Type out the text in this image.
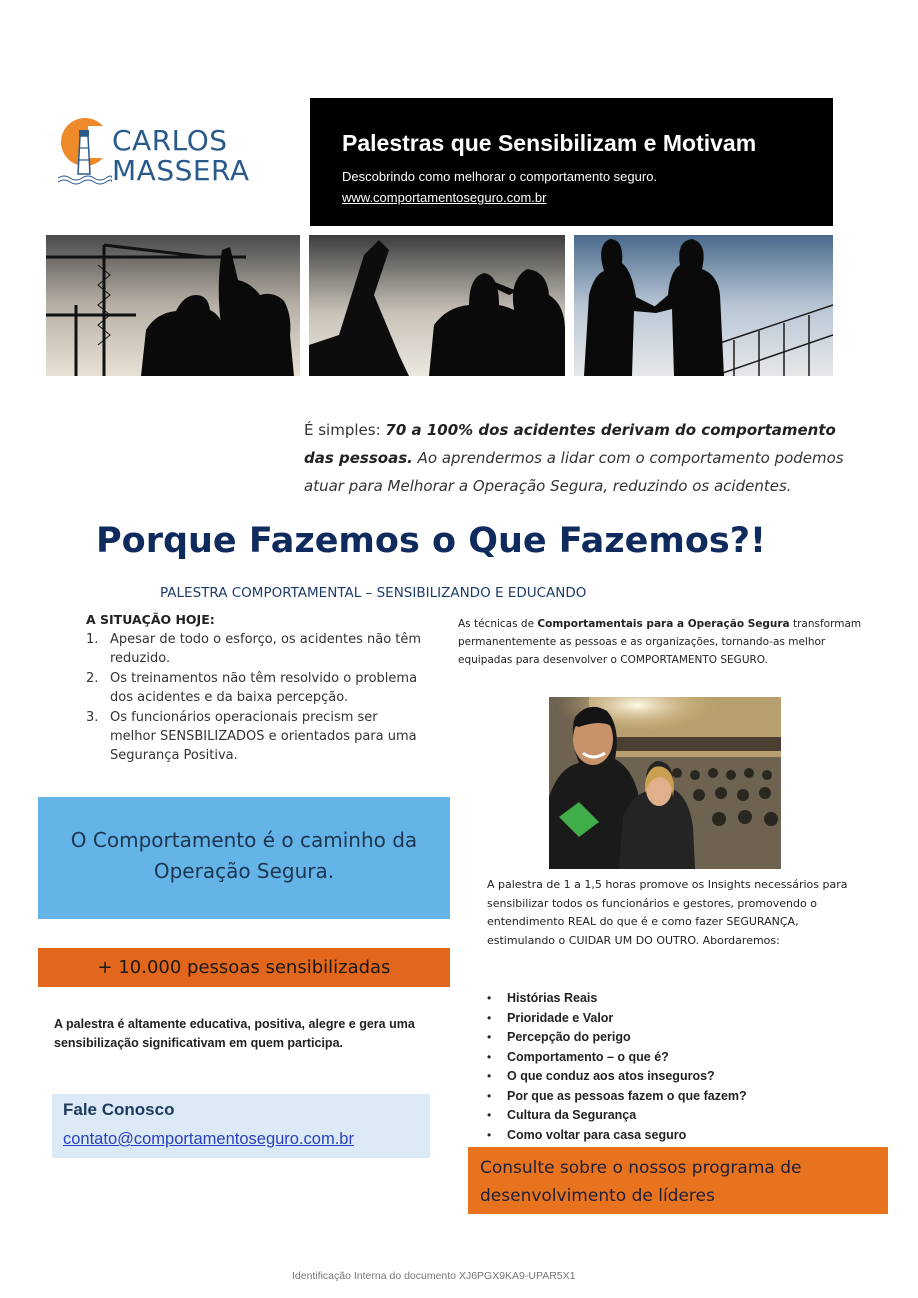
CARLOS
MASSERA
Palestras que Sensibilizam e Motivam
Descobrindo como melhorar o comportamento seguro.
www.comportamentoseguro.com.br
É simples: 70 a 100% dos acidentes derivam do comportamento das pessoas. Ao aprendermos a lidar com o comportamento podemos atuar para Melhorar a Operação Segura, reduzindo os acidentes.
Porque Fazemos o Que Fazemos?!
PALESTRA COMPORTAMENTAL – SENSIBILIZANDO E EDUCANDO
A SITUAÇÃO HOJE:
1. Apesar de todo o esforço, os acidentes não têm reduzido.
2. Os treinamentos não têm resolvido o problema dos acidentes e da baixa percepção.
3. Os funcionários operacionais precism ser melhor SENSBILIZADOS e orientados para uma Segurança Positiva.
O Comportamento é o caminho da
Operação Segura.
+ 10.000 pessoas sensibilizadas
A palestra é altamente educativa, positiva, alegre e gera uma sensibilização significativam em quem participa.
Fale Conosco
contato@comportamentoseguro.com.br
As técnicas de Comportamentais para a Operação Segura transformam permanentemente as pessoas e as organizações, tornando-as melhor equipadas para desenvolver o COMPORTAMENTO SEGURO.
A palestra de 1 a 1,5 horas promove os Insights necessários para sensibilizar todos os funcionários e gestores, promovendo o entendimento REAL do que é e como fazer SEGURANÇA, estimulando o CUIDAR UM DO OUTRO. Abordaremos:
• Histórias Reais
• Prioridade e Valor
• Percepção do perigo
• Comportamento – o que é?
• O que conduz aos atos inseguros?
• Por que as pessoas fazem o que fazem?
• Cultura da Segurança
• Como voltar para casa seguro
Consulte sobre o nossos programa de
desenvolvimento de líderes
Identificação Interna do documento XJ6PGX9KA9-UPAR5X1
